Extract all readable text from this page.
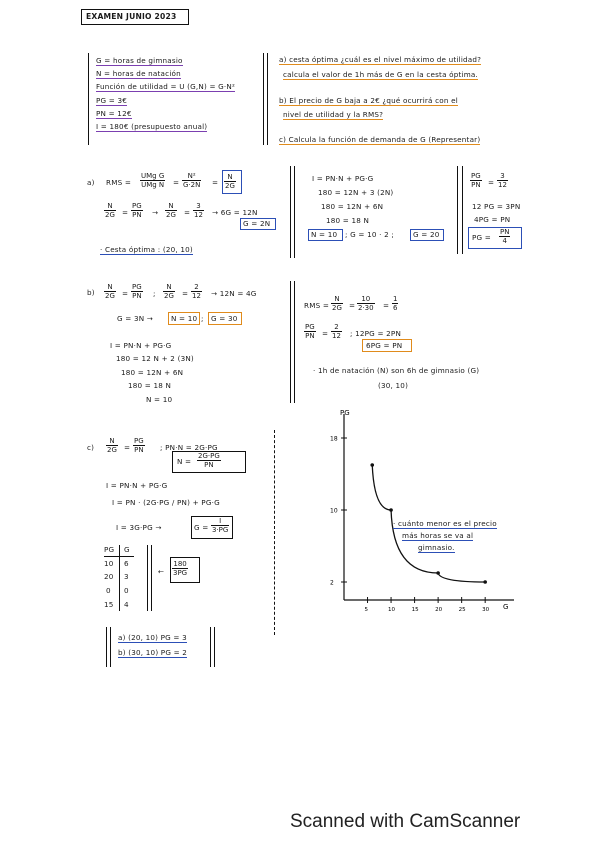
EXAMEN JUNIO 2023
G = horas de gimnasio
N = horas de natación
Función de utilidad = U (G,N) = G·N²
PG = 3€
PN = 12€
I = 180€ (presupuesto anual)
a) cesta óptima ¿cuál es el nivel máximo de utilidad?
calcula el valor de 1h más de G en la cesta óptima.
b) El precio de G baja a 2€ ¿qué ocurrirá con el
nivel de utilidad y la RMS?
c) Calcula la función de demanda de G (Representar)
a) RMS =
UMg G
UMg $N = \frac{\text{N²}}{G\cdot 2N} = \frac{N}{2G}$
$\frac{N}{2G} = \frac{PG}{PN} \to \frac{N}{2G} = \frac{3}{12} \to 6G = 12N$
G = 2N
· Cesta óptima : (20, 10)
I = PN·N + PG·G
180 = 12N + 3 (2N)
180 = 12N + 6N
180 = 18 N
N = 10 ; G = 10 · 2 ;	G = 20
$\frac{PG}{PN} = \frac{3}{12}$
12 PG = 3PN
4PG = PN
PG = $\frac{PN}{4}$
$b) \frac{N}{2G} = \frac{PG}{PN}$ ; $\frac{N}{2G} = \frac{2}{12} \to 12N = 4G$
G = 3N → N = 10 ; G = 30
I = PN·N + PG·G
180 = 12 N + 2 (3N)
180 = 12N + 6N
180 = 18 N
N = 10
RMS = $\frac{N}{2G} = \frac{10}{2\cdot 30} = \frac{1}{6}$
$\frac{PG}{PN} = \frac{2}{12}$ ; 12PG = 2PN
6PG = PN
· 1h de natación (N) son 6h de gimnasio (G)
(30, 10)
$c) \frac{N}{2G} = \frac{PG}{PN}$ ; PN·N = 2G·PG
$N = \frac{2G\cdot PG}{PN}$
I = PN·N + PG·G
I = PN · (2G·PG / PN) + PG·G
I = 3G·PG →	$G = \frac{I}{3\cdot PG}$
PG G
10 6
20 3
0 0
15 4
← $\frac{180}{3PG}$
a) (20, 10) PG = 3
b) (30, 10) PG = 2
PG
G
18
10
2
5	10	15	20	25	30
· cuánto menor es el precio
más horas se va al
gimnasio.
Scanned with CamScanner
